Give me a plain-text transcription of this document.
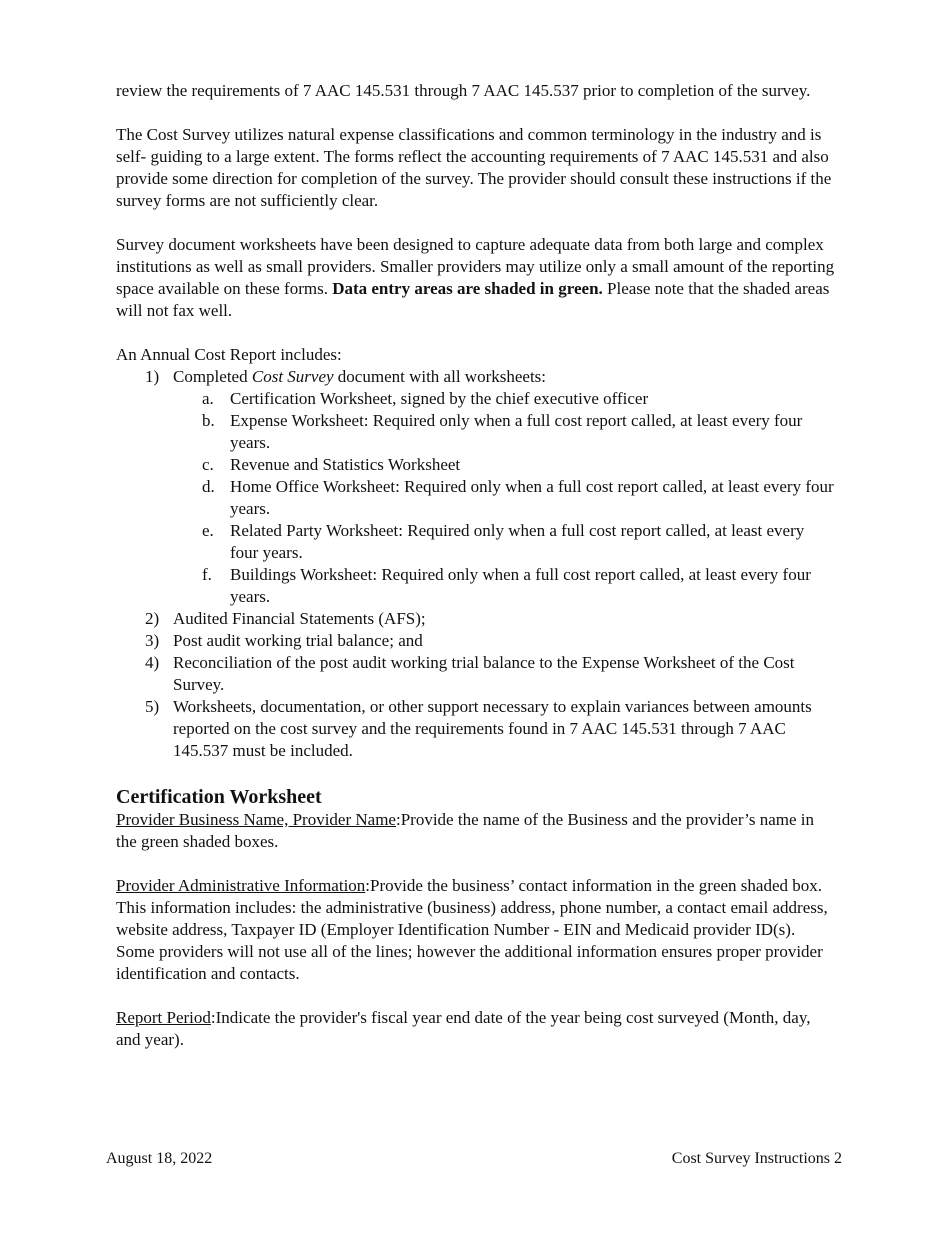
review the requirements of 7 AAC 145.531 through 7 AAC 145.537 prior to completion of the survey.

The Cost Survey utilizes natural expense classifications and common terminology in the industry and is self- guiding to a large extent. The forms reflect the accounting requirements of 7 AAC 145.531 and also provide some direction for completion of the survey. The provider should consult these instructions if the survey forms are not sufficiently clear.

Survey document worksheets have been designed to capture adequate data from both large and complex institutions as well as small providers. Smaller providers may utilize only a small amount of the reporting space available on these forms. Data entry areas are shaded in green. Please note that the shaded areas will not fax well.

An Annual Cost Report includes:

1) Completed Cost Survey document with all worksheets:
a. Certification Worksheet, signed by the chief executive officer
b. Expense Worksheet: Required only when a full cost report called, at least every four years.
c. Revenue and Statistics Worksheet
d. Home Office Worksheet: Required only when a full cost report called, at least every four years.
e. Related Party Worksheet: Required only when a full cost report called, at least every four years.
f. Buildings Worksheet: Required only when a full cost report called, at least every four years.
2) Audited Financial Statements (AFS);
3) Post audit working trial balance; and
4) Reconciliation of the post audit working trial balance to the Expense Worksheet of the Cost Survey.
5) Worksheets, documentation, or other support necessary to explain variances between amounts reported on the cost survey and the requirements found in 7 AAC 145.531 through 7 AAC 145.537 must be included.
Certification Worksheet

Provider Business Name, Provider Name:Provide the name of the Business and the provider’s name in the green shaded boxes.

Provider Administrative Information:Provide the business’ contact information in the green shaded box. This information includes: the administrative (business) address, phone number, a contact email address, website address, Taxpayer ID (Employer Identification Number - EIN and Medicaid provider ID(s). Some providers will not use all of the lines; however the additional information ensures proper provider identification and contacts.

Report Period:Indicate the provider's fiscal year end date of the year being cost surveyed (Month, day, and year).

August 18, 2022	Cost Survey Instructions 2
